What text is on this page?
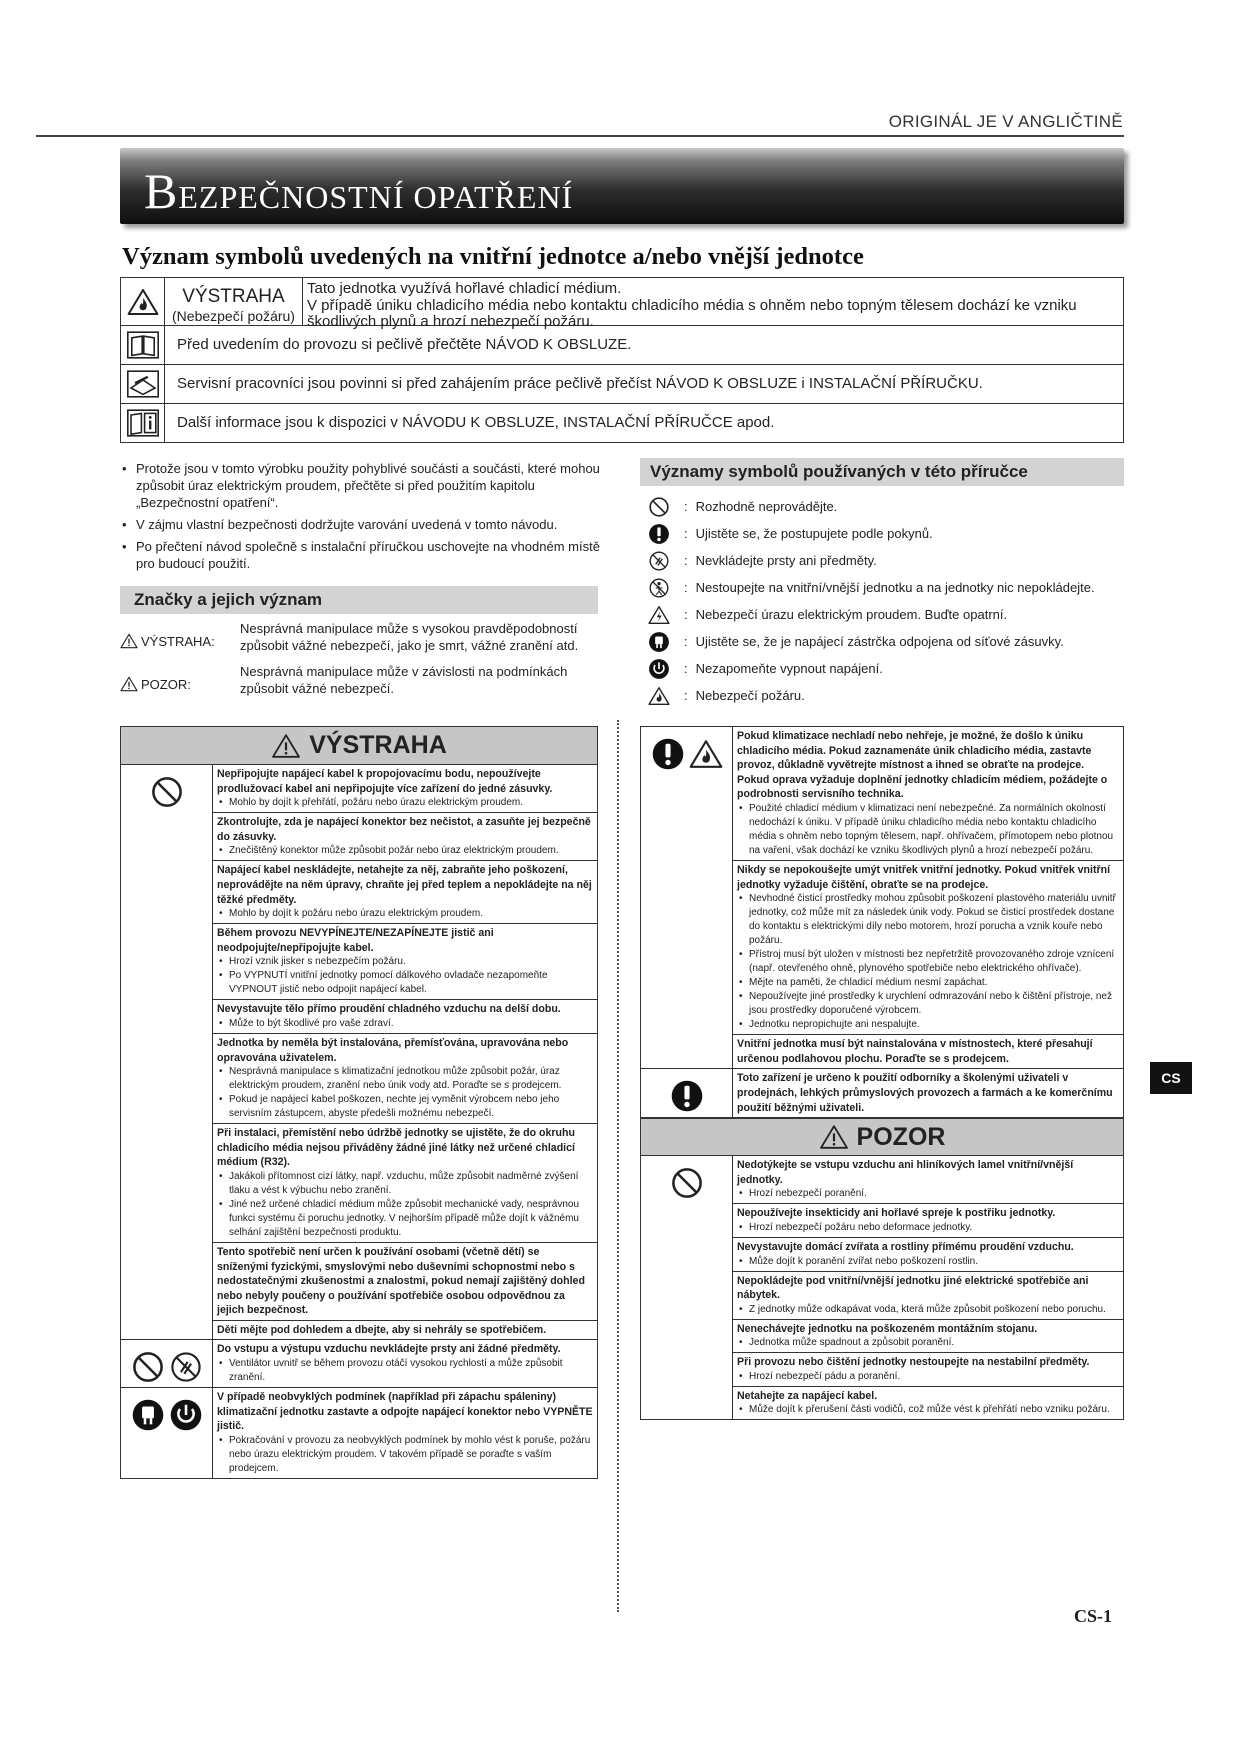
ORIGINÁL JE V ANGLIČTINĚ
BEZPEČNOSTNÍ OPATŘENÍ
Význam symbolů uvedených na vnitřní jednotce a/nebo vnější jednotce
VÝSTRAHA
(Nebezpečí požáru)
Tato jednotka využívá hořlavé chladicí médium.
V případě úniku chladicího média nebo kontaktu chladicího média s ohněm nebo topným tělesem dochází ke vzniku
škodlivých plynů a hrozí nebezpečí požáru.
Před uvedením do provozu si pečlivě přečtěte NÁVOD K OBSLUZE.
Servisní pracovníci jsou povinni si před zahájením práce pečlivě přečíst NÁVOD K OBSLUZE i INSTALAČNÍ PŘÍRUČKU.
Další informace jsou k dispozici v NÁVODU K OBSLUZE, INSTALAČNÍ PŘÍRUČCE apod.
• Protože jsou v tomto výrobku použity pohyblivé součásti a součásti, které mohou způsobit úraz elektrickým proudem, přečtěte si před použitím kapitolu „Bezpečnostní opatření“.
• V zájmu vlastní bezpečnosti dodržujte varování uvedená v tomto návodu.
• Po přečtení návod společně s instalační příručkou uschovejte na vhodném místě pro budoucí použití.
Značky a jejich význam
VÝSTRAHA:
Nesprávná manipulace může s vysokou pravděpodobností způsobit vážné nebezpečí, jako je smrt, vážné zranění atd.
POZOR:
Nesprávná manipulace může v závislosti na podmínkách způsobit vážné nebezpečí.
Významy symbolů používaných v této příručce
: Rozhodně neprovádějte.
: Ujistěte se, že postupujete podle pokynů.
: Nevkládejte prsty ani předměty.
: Nestoupejte na vnitřní/vnější jednotku a na jednotky nic nepokládejte.
: Nebezpečí úrazu elektrickým proudem. Buďte opatrní.
: Ujistěte se, že je napájecí zástrčka odpojena od síťové zásuvky.
: Nezapomeňte vypnout napájení.
: Nebezpečí požáru.
VÝSTRAHA
Nepřipojujte napájecí kabel k propojovacímu bodu, nepoužívejte prodlužovací kabel ani nepřipojujte více zařízení do jedné zásuvky.
• Mohlo by dojít k přehřátí, požáru nebo úrazu elektrickým proudem.
Zkontrolujte, zda je napájecí konektor bez nečistot, a zasuňte jej bezpečně do zásuvky.
• Znečištěný konektor může způsobit požár nebo úraz elektrickým proudem.
Napájecí kabel neskládejte, netahejte za něj, zabraňte jeho poškození, neprovádějte na něm úpravy, chraňte jej před teplem a nepokládejte na něj těžké předměty.
• Mohlo by dojít k požáru nebo úrazu elektrickým proudem.
Během provozu NEVYPÍNEJTE/NEZAPÍNEJTE jistič ani neodpojujte/nepřipojujte kabel.
• Hrozí vznik jisker s nebezpečím požáru.
• Po VYPNUTÍ vnitřní jednotky pomocí dálkového ovladače nezapomeňte VYPNOUT jistič nebo odpojit napájecí kabel.
Nevystavujte tělo přímo proudění chladného vzduchu na delší dobu.
• Může to být škodlivé pro vaše zdraví.
Jednotka by neměla být instalována, přemísťována, upravována nebo opravována uživatelem.
• Nesprávná manipulace s klimatizační jednotkou může způsobit požár, úraz elektrickým proudem, zranění nebo únik vody atd. Poraďte se s prodejcem.
• Pokud je napájecí kabel poškozen, nechte jej vyměnit výrobcem nebo jeho servisním zástupcem, abyste předešli možnému nebezpečí.
Při instalaci, přemístění nebo údržbě jednotky se ujistěte, že do okruhu chladicího média nejsou přiváděny žádné jiné látky než určené chladicí médium (R32).
• Jakákoli přítomnost cizí látky, např. vzduchu, může způsobit nadměrné zvýšení tlaku a vést k výbuchu nebo zranění.
• Jiné než určené chladicí médium může způsobit mechanické vady, nesprávnou funkci systému či poruchu jednotky. V nejhorším případě může dojít k vážnému selhání zajištění bezpečnosti produktu.
Tento spotřebič není určen k používání osobami (včetně dětí) se sníženými fyzickými, smyslovými nebo duševními schopnostmi nebo s nedostatečnými zkušenostmi a znalostmi, pokud nemají zajištěný dohled nebo nebyly poučeny o používání spotřebiče osobou odpovědnou za jejich bezpečnost.
Děti mějte pod dohledem a dbejte, aby si nehrály se spotřebičem.
Do vstupu a výstupu vzduchu nevkládejte prsty ani žádné předměty.
• Ventilátor uvnitř se během provozu otáčí vysokou rychlostí a může způsobit zranění.
V případě neobvyklých podmínek (například při zápachu spáleniny) klimatizační jednotku zastavte a odpojte napájecí konektor nebo VYPNĚTE jistič.
• Pokračování v provozu za neobvyklých podmínek by mohlo vést k poruše, požáru nebo úrazu elektrickým proudem. V takovém případě se poraďte s vaším prodejcem.
Pokud klimatizace nechladí nebo nehřeje, je možné, že došlo k úniku chladicího média. Pokud zaznamenáte únik chladicího média, zastavte provoz, důkladně vyvětrejte místnost a ihned se obraťte na prodejce. Pokud oprava vyžaduje doplnění jednotky chladicím médiem, požádejte o podrobnosti servisního technika.
• Použité chladicí médium v klimatizaci není nebezpečné. Za normálních okolností nedochází k úniku. V případě úniku chladicího média nebo kontaktu chladicího média s ohněm nebo topným tělesem, např. ohřívačem, přímotopem nebo plotnou na vaření, však dochází ke vzniku škodlivých plynů a hrozí nebezpečí požáru.
Nikdy se nepokoušejte umýt vnitřek vnitřní jednotky. Pokud vnitřek vnitřní jednotky vyžaduje čištění, obraťte se na prodejce.
• Nevhodné čisticí prostředky mohou způsobit poškození plastového materiálu uvnitř jednotky, což může mít za následek únik vody. Pokud se čisticí prostředek dostane do kontaktu s elektrickými díly nebo motorem, hrozí porucha a vznik kouře nebo požáru.
• Přístroj musí být uložen v místnosti bez nepřetržitě provozovaného zdroje vznícení (např. otevřeného ohně, plynového spotřebiče nebo elektrického ohřívače).
• Mějte na paměti, že chladicí médium nesmí zapáchat.
• Nepoužívejte jiné prostředky k urychlení odmrazování nebo k čištění přístroje, než jsou prostředky doporučené výrobcem.
• Jednotku nepropichujte ani nespalujte.
Vnitřní jednotka musí být nainstalována v místnostech, které přesahují určenou podlahovou plochu. Poraďte se s prodejcem.
Toto zařízení je určeno k použití odborníky a školenými uživateli v prodejnách, lehkých průmyslových provozech a farmách a ke komerčnímu použití běžnými uživateli.
POZOR
Nedotýkejte se vstupu vzduchu ani hliníkových lamel vnitřní/vnější jednotky.
• Hrozí nebezpečí poranění.
Nepoužívejte insekticidy ani hořlavé spreje k postřiku jednotky.
• Hrozí nebezpečí požáru nebo deformace jednotky.
Nevystavujte domácí zvířata a rostliny přímému proudění vzduchu.
• Může dojít k poranění zvířat nebo poškození rostlin.
Nepokládejte pod vnitřní/vnější jednotku jiné elektrické spotřebiče ani nábytek.
• Z jednotky může odkapávat voda, která může způsobit poškození nebo poruchu.
Nenechávejte jednotku na poškozeném montážním stojanu.
• Jednotka může spadnout a způsobit poranění.
Při provozu nebo čištění jednotky nestoupejte na nestabilní předměty.
• Hrozí nebezpečí pádu a poranění.
Netahejte za napájecí kabel.
• Může dojít k přerušení části vodičů, což může vést k přehřátí nebo vzniku požáru.
CS
CS-1
